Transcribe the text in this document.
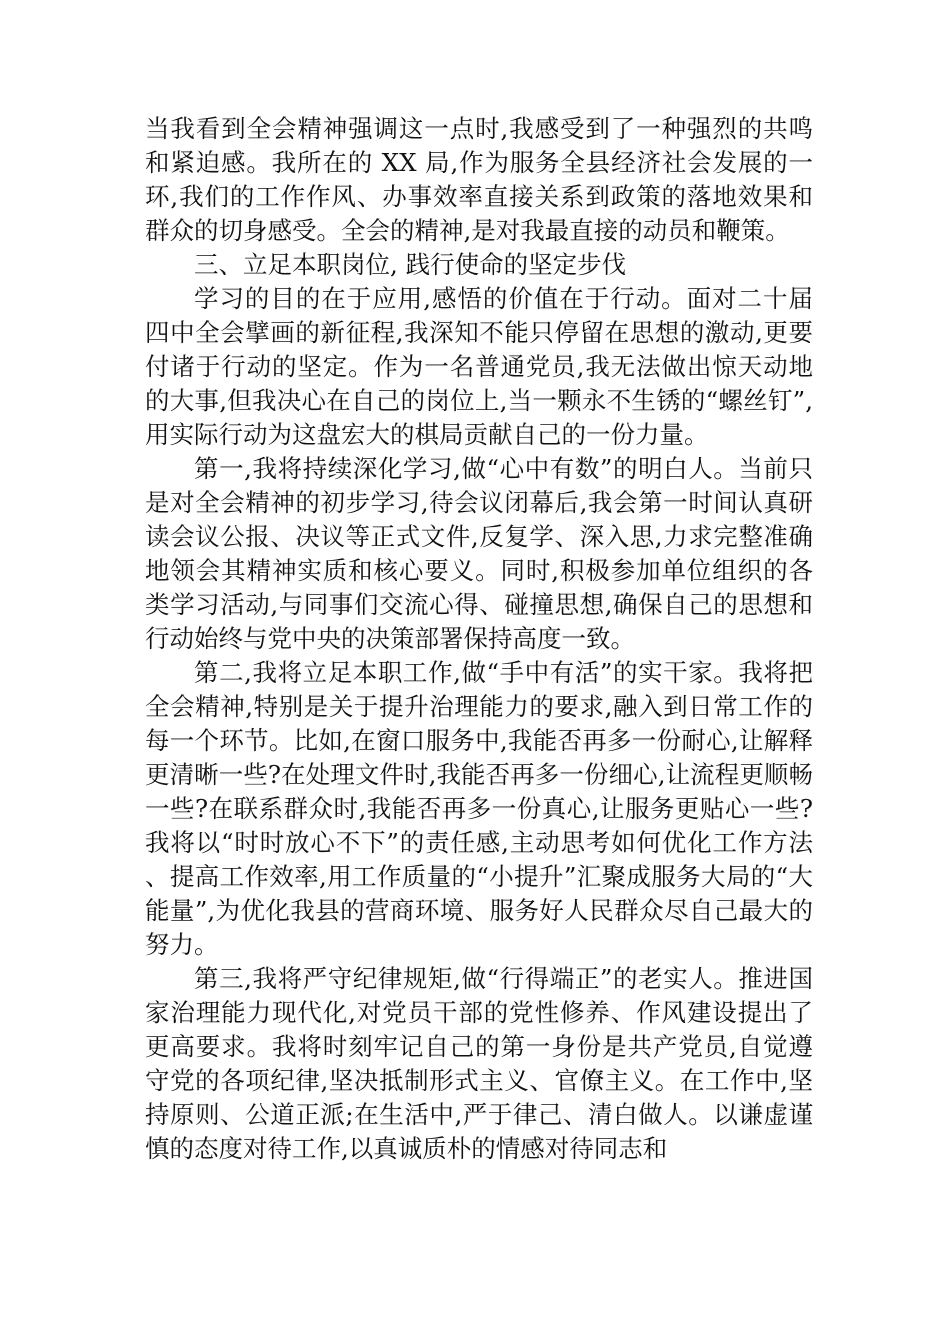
当我看到全会精神强调这一点时,我感受到了一种强烈的共鸣和紧迫感。我所在的 XX 局,作为服务全县经济社会发展的一环,我们的工作作风、办事效率直接关系到政策的落地效果和群众的切身感受。全会的精神,是对我最直接的动员和鞭策。

三、立足本职岗位, 践行使命的坚定步伐

学习的目的在于应用,感悟的价值在于行动。面对二十届四中全会擘画的新征程,我深知不能只停留在思想的激动,更要付诸于行动的坚定。作为一名普通党员,我无法做出惊天动地的大事,但我决心在自己的岗位上,当一颗永不生锈的“螺丝钉”,用实际行动为这盘宏大的棋局贡献自己的一份力量。

第一,我将持续深化学习,做“心中有数”的明白人。当前只是对全会精神的初步学习,待会议闭幕后,我会第一时间认真研读会议公报、决议等正式文件,反复学、深入思,力求完整准确地领会其精神实质和核心要义。同时,积极参加单位组织的各类学习活动,与同事们交流心得、碰撞思想,确保自己的思想和行动始终与党中央的决策部署保持高度一致。

第二,我将立足本职工作,做“手中有活”的实干家。我将把全会精神,特别是关于提升治理能力的要求,融入到日常工作的每一个环节。比如,在窗口服务中,我能否再多一份耐心,让解释更清晰一些?在处理文件时,我能否再多一份细心,让流程更顺畅一些?在联系群众时,我能否再多一份真心,让服务更贴心一些?我将以“时时放心不下”的责任感,主动思考如何优化工作方法、提高工作效率,用工作质量的“小提升”汇聚成服务大局的“大能量”,为优化我县的营商环境、服务好人民群众尽自己最大的努力。

第三,我将严守纪律规矩,做“行得端正”的老实人。推进国家治理能力现代化,对党员干部的党性修养、作风建设提出了更高要求。我将时刻牢记自己的第一身份是共产党员,自觉遵守党的各项纪律,坚决抵制形式主义、官僚主义。在工作中,坚持原则、公道正派;在生活中,严于律己、清白做人。以谦虚谨慎的态度对待工作,以真诚质朴的情感对待同志和
